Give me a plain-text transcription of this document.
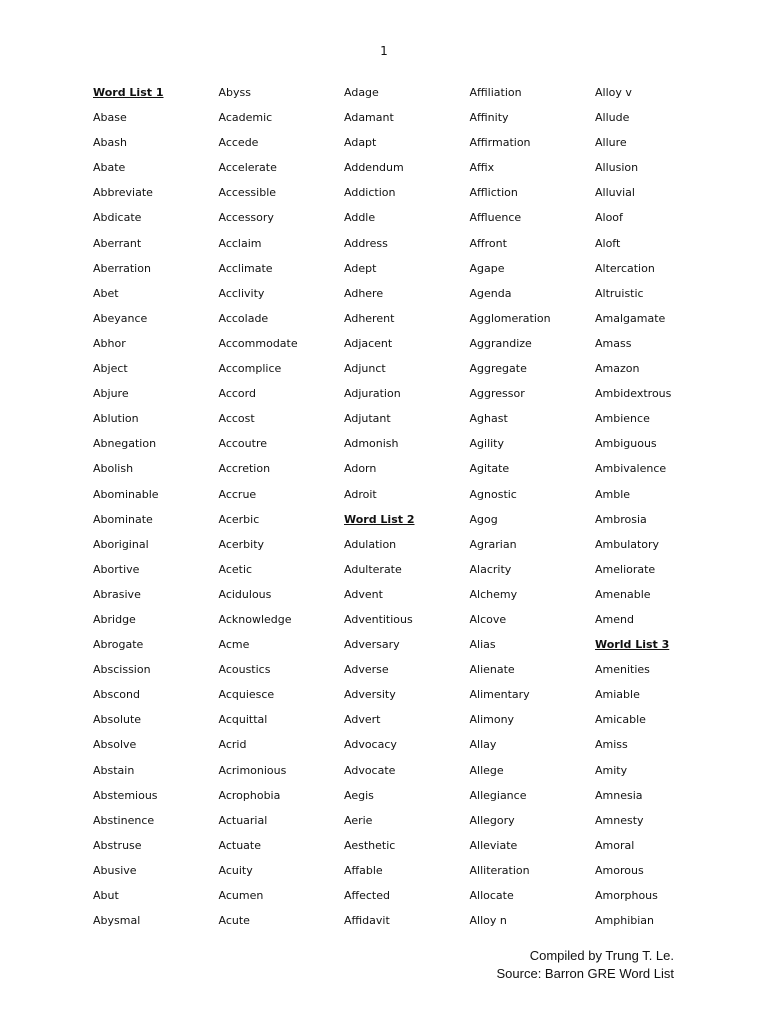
1
Word List 1
Abase
Abash
Abate
Abbreviate
Abdicate
Aberrant
Aberration
Abet
Abeyance
Abhor
Abject
Abjure
Ablution
Abnegation
Abolish
Abominable
Abominate
Aboriginal
Abortive
Abrasive
Abridge
Abrogate
Abscission
Abscond
Absolute
Absolve
Abstain
Abstemious
Abstinence
Abstruse
Abusive
Abut
Abysmal
Abyss
Academic
Accede
Accelerate
Accessible
Accessory
Acclaim
Acclimate
Acclivity
Accolade
Accommodate
Accomplice
Accord
Accost
Accoutre
Accretion
Accrue
Acerbic
Acerbity
Acetic
Acidulous
Acknowledge
Acme
Acoustics
Acquiesce
Acquittal
Acrid
Acrimonious
Acrophobia
Actuarial
Actuate
Acuity
Acumen
Acute
Adage
Adamant
Adapt
Addendum
Addiction
Addle
Address
Adept
Adhere
Adherent
Adjacent
Adjunct
Adjuration
Adjutant
Admonish
Adorn
Adroit
Word List 2
Adulation
Adulterate
Advent
Adventitious
Adversary
Adverse
Adversity
Advert
Advocacy
Advocate
Aegis
Aerie
Aesthetic
Affable
Affected
Affidavit
Affiliation
Affinity
Affirmation
Affix
Affliction
Affluence
Affront
Agape
Agenda
Agglomeration
Aggrandize
Aggregate
Aggressor
Aghast
Agility
Agitate
Agnostic
Agog
Agrarian
Alacrity
Alchemy
Alcove
Alias
Alienate
Alimentary
Alimony
Allay
Allege
Allegiance
Allegory
Alleviate
Alliteration
Allocate
Alloy n
Alloy v
Allude
Allure
Allusion
Alluvial
Aloof
Aloft
Altercation
Altruistic
Amalgamate
Amass
Amazon
Ambidextrous
Ambience
Ambiguous
Ambivalence
Amble
Ambrosia
Ambulatory
Ameliorate
Amenable
Amend
World List 3
Amenities
Amiable
Amicable
Amiss
Amity
Amnesia
Amnesty
Amoral
Amorous
Amorphous
Amphibian
Compiled by Trung T. Le.
Source: Barron GRE Word List
